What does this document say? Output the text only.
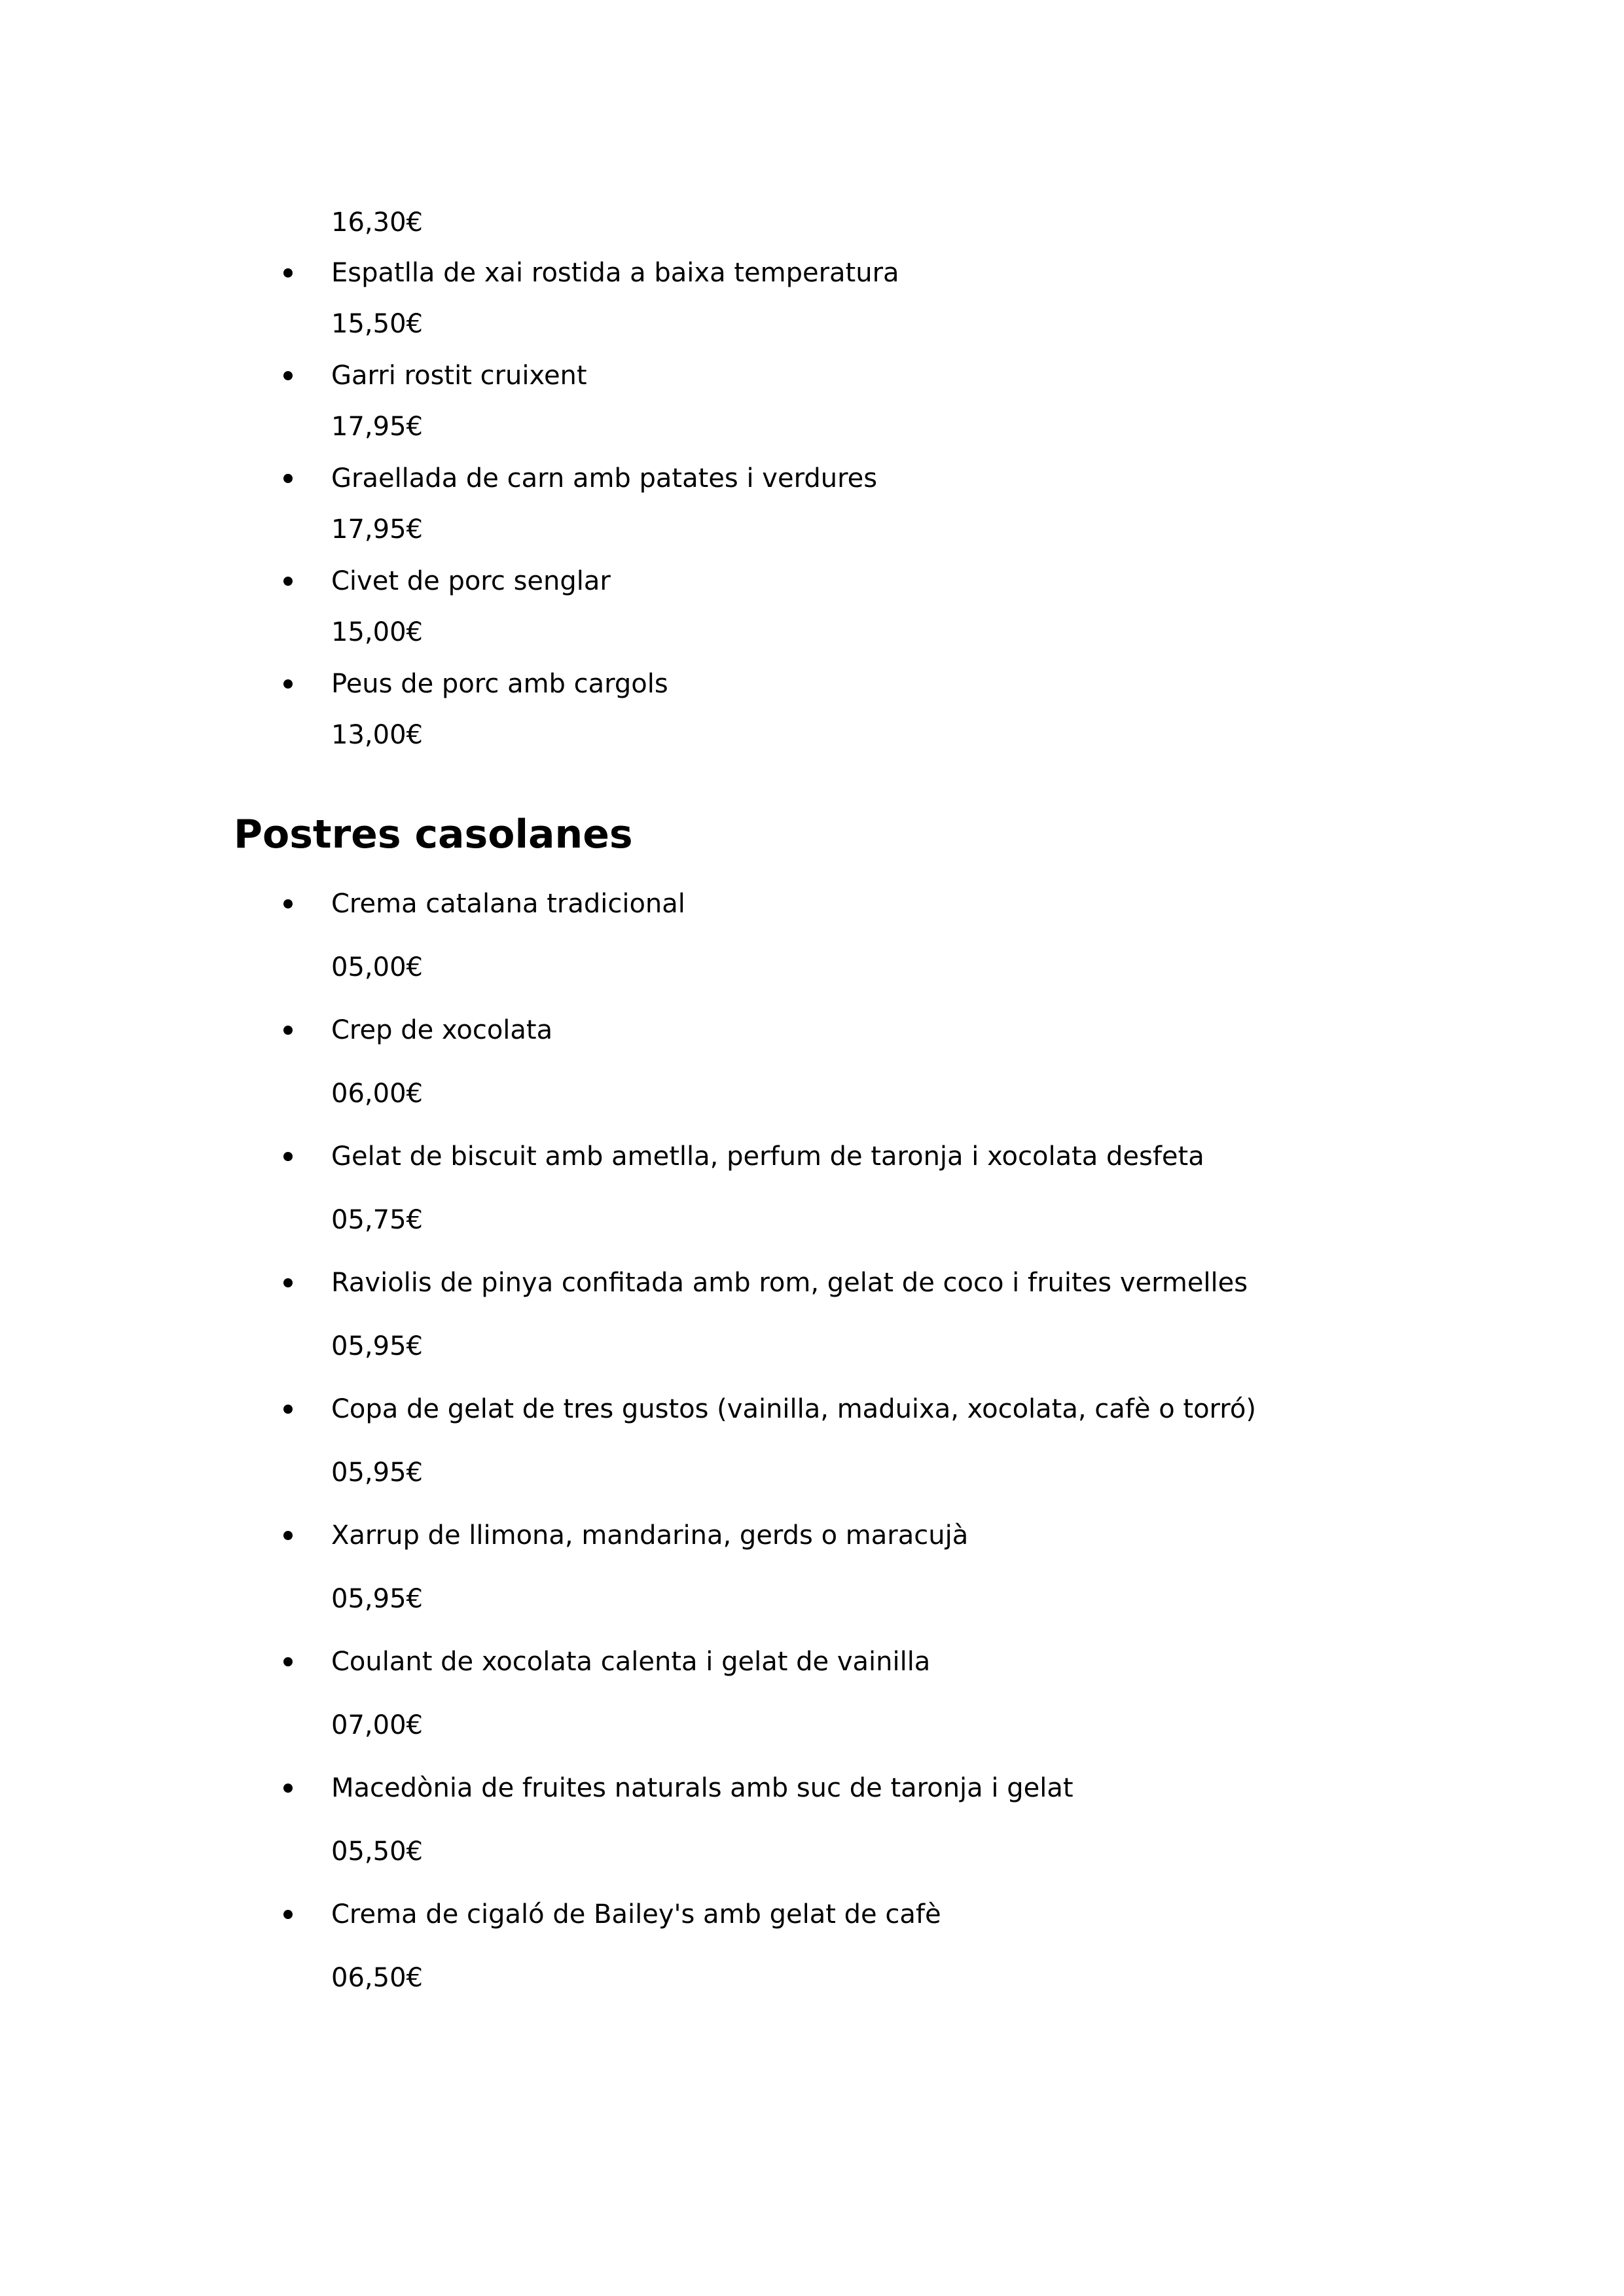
16,30€
Espatlla de xai rostida a baixa temperatura
15,50€
Garri rostit cruixent
17,95€
Graellada de carn amb patates i verdures
17,95€
Civet de porc senglar
15,00€
Peus de porc amb cargols
13,00€
Postres casolanes
Crema catalana tradicional
05,00€
Crep de xocolata
06,00€
Gelat de biscuit amb ametlla, perfum de taronja i xocolata desfeta
05,75€
Raviolis de pinya confitada amb rom, gelat de coco i fruites vermelles
05,95€
Copa de gelat de tres gustos (vainilla, maduixa, xocolata, cafè o torró)
05,95€
Xarrup de llimona, mandarina, gerds o maracujà
05,95€
Coulant de xocolata calenta i gelat de vainilla
07,00€
Macedònia de fruites naturals amb suc de taronja i gelat
05,50€
Crema de cigaló de Bailey's amb gelat de cafè
06,50€
